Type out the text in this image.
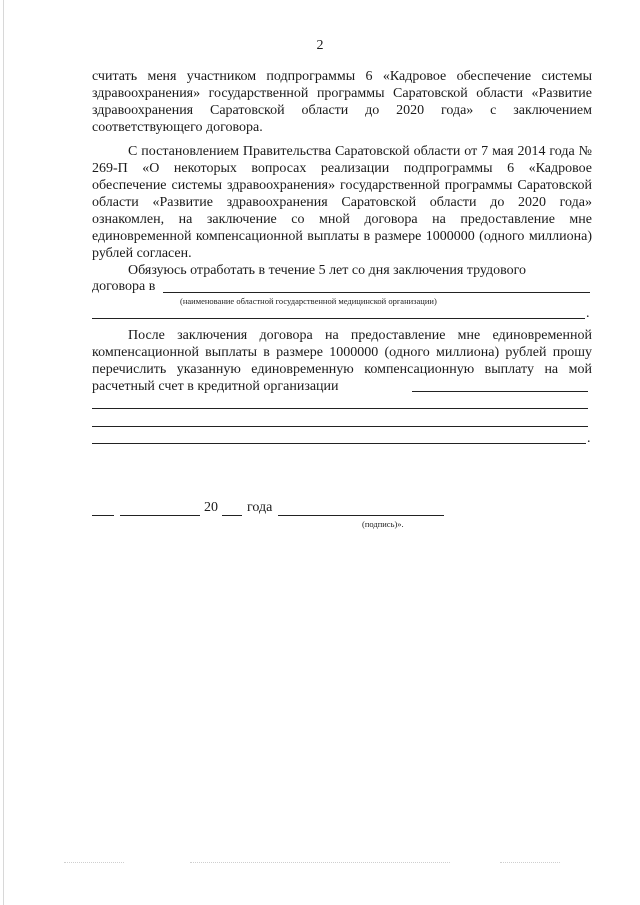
2

считать меня участником подпрограммы 6 «Кадровое обеспечение системы здравоохранения» государственной программы Саратовской области «Развитие здравоохранения Саратовской области до 2020 года» с заключением соответствующего договора.

С постановлением Правительства Саратовской области от 7 мая 2014 года № 269-П «О некоторых вопросах реализации подпрограммы 6 «Кадровое обеспечение системы здравоохранения» государственной программы Саратовской области «Развитие здравоохранения Саратовской области до 2020 года» ознакомлен, на заключение со мной договора на предоставление мне единовременной компенсационной выплаты в размере 1000000 (одного миллиона) рублей согласен.

Обязуюсь отработать в течение 5 лет со дня заключения трудового

договора в
(наименование областной государственной медицинской организации)
.

После заключения договора на предоставление мне единовременной компенсационной выплаты в размере 1000000 (одного миллиона) рублей прошу перечислить указанную единовременную компенсационную выплату на мой расчетный счет в кредитной организации

.
20 года
(подпись)».
